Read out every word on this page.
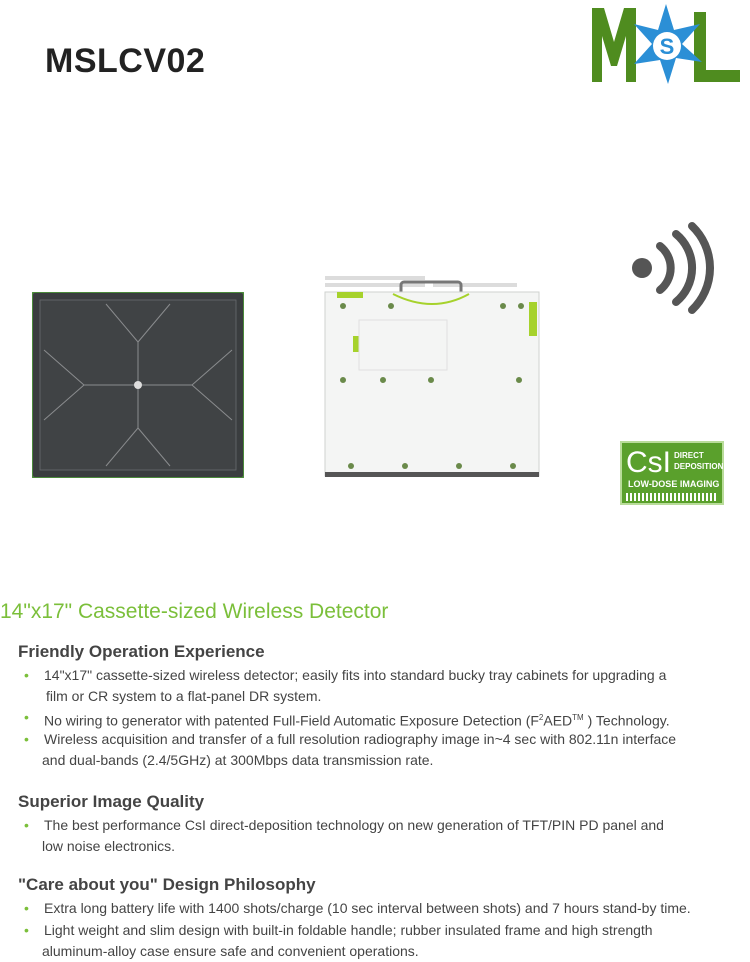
MSLCV02	S
CsI DIRECT
DEPOSITION
LOW-DOSE IMAGING
14"x17" Cassette-sized Wireless Detector
Friendly Operation Experience
•	14"x17" cassette-sized wireless detector; easily fits into standard bucky tray cabinets for upgrading a
film or CR system to a flat-panel DR system.
•	No wiring to generator with patented Full-Field Automatic Exposure Detection ($F^2AED™$ ) Technology.
•	Wireless acquisition and transfer of a full resolution radiography image in~4 sec with 802.11n interface
and dual-bands (2.4/5GHz) at 300Mbps data transmission rate.
Superior Image Quality
•	The best performance CsI direct-deposition technology on new generation of TFT/PIN PD panel and
low noise electronics.
"Care about you" Design Philosophy
•	Extra long battery life with 1400 shots/charge (10 sec interval between shots) and 7 hours stand-by time.
•	Light weight and slim design with built-in foldable handle; rubber insulated frame and high strength
aluminum-alloy case ensure safe and convenient operations.
